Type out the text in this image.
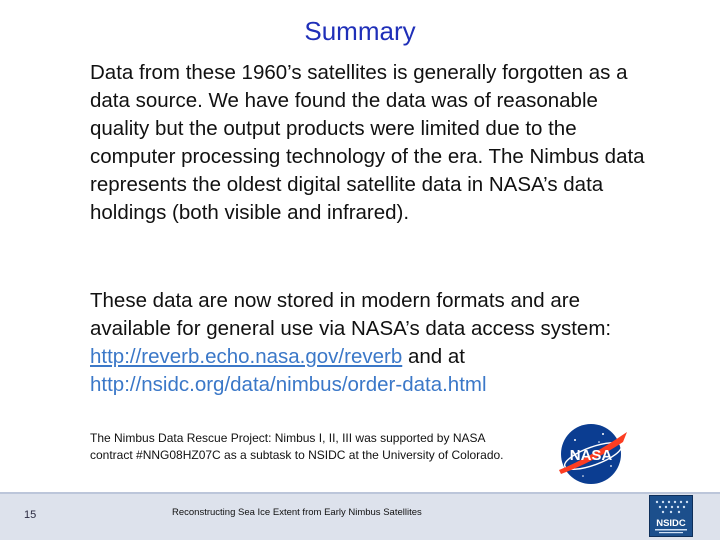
Summary
Data from these 1960’s satellites is generally forgotten as a data source. We have found the data was of reasonable quality but the output products were limited due to the computer processing technology of the era. The Nimbus data represents the oldest digital satellite data in NASA’s data holdings (both visible and infrared).
These data are now stored in modern formats and are available for general use via NASA’s data access system: http://reverb.echo.nasa.gov/reverb and at http://nsidc.org/data/nimbus/order-data.html
The Nimbus Data Rescue Project: Nimbus I, II, III was supported by NASA contract #NNG08HZ07C as a subtask to NSIDC at the University of Colorado.	NASA
15	Reconstructing Sea Ice Extent from Early Nimbus Satellites
NSIDC
